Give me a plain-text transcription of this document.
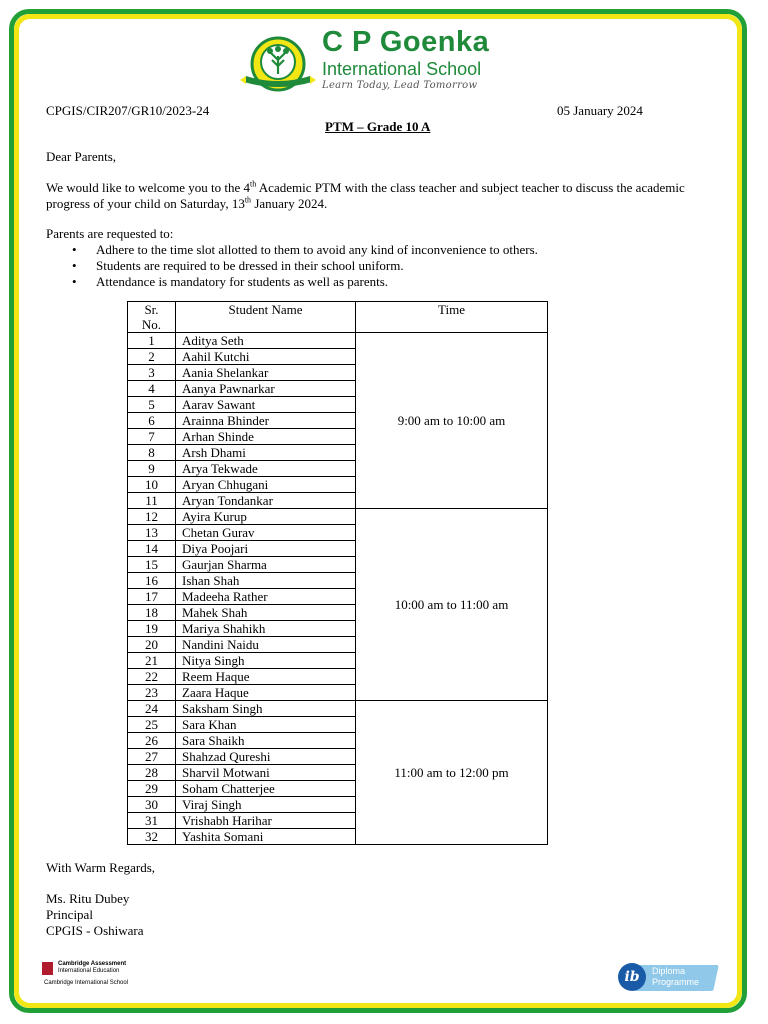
C P Goenka
International School
Learn Today, Lead Tomorrow
CPGIS/CIR207/GR10/2023-24	05 January 2024
PTM – Grade 10 A
Dear Parents,
We would like to welcome you to the 4th Academic PTM with the class teacher and subject teacher to discuss the academic progress of your child on Saturday, 13th January 2024.
Parents are requested to:
• Adhere to the time slot allotted to them to avoid any kind of inconvenience to others.
• Students are required to be dressed in their school uniform.
• Attendance is mandatory for students as well as parents.
Sr.
No.	Student Name	Time
1	Aditya Seth	9:00 am to 10:00 am
2	Aahil Kutchi	
3	Aania Shelankar	
4	Aanya Pawnarkar	
5	Aarav Sawant	
6	Arainna Bhinder	
7	Arhan Shinde	
8	Arsh Dhami	
9	Arya Tekwade	
10	Aryan Chhugani	
11	Aryan Tondankar	
12	Ayira Kurup	10:00 am to 11:00 am
13	Chetan Gurav	
14	Diya Poojari	
15	Gaurjan Sharma	
16	Ishan Shah	
17	Madeeha Rather	
18	Mahek Shah	
19	Mariya Shahikh	
20	Nandini Naidu	
21	Nitya Singh	
22	Reem Haque	
23	Zaara Haque	
24	Saksham Singh	11:00 am to 12:00 pm
25	Sara Khan	
26	Sara Shaikh	
27	Shahzad Qureshi	
28	Sharvil Motwani	
29	Soham Chatterjee	
30	Viraj Singh	
31	Vrishabh Harihar	
32	Yashita Somani	
With Warm Regards,
Ms. Ritu Dubey
Principal
CPGIS - Oshiwara
Cambridge Assessment
International Education
Cambridge International School	ib	Diploma
Programme
